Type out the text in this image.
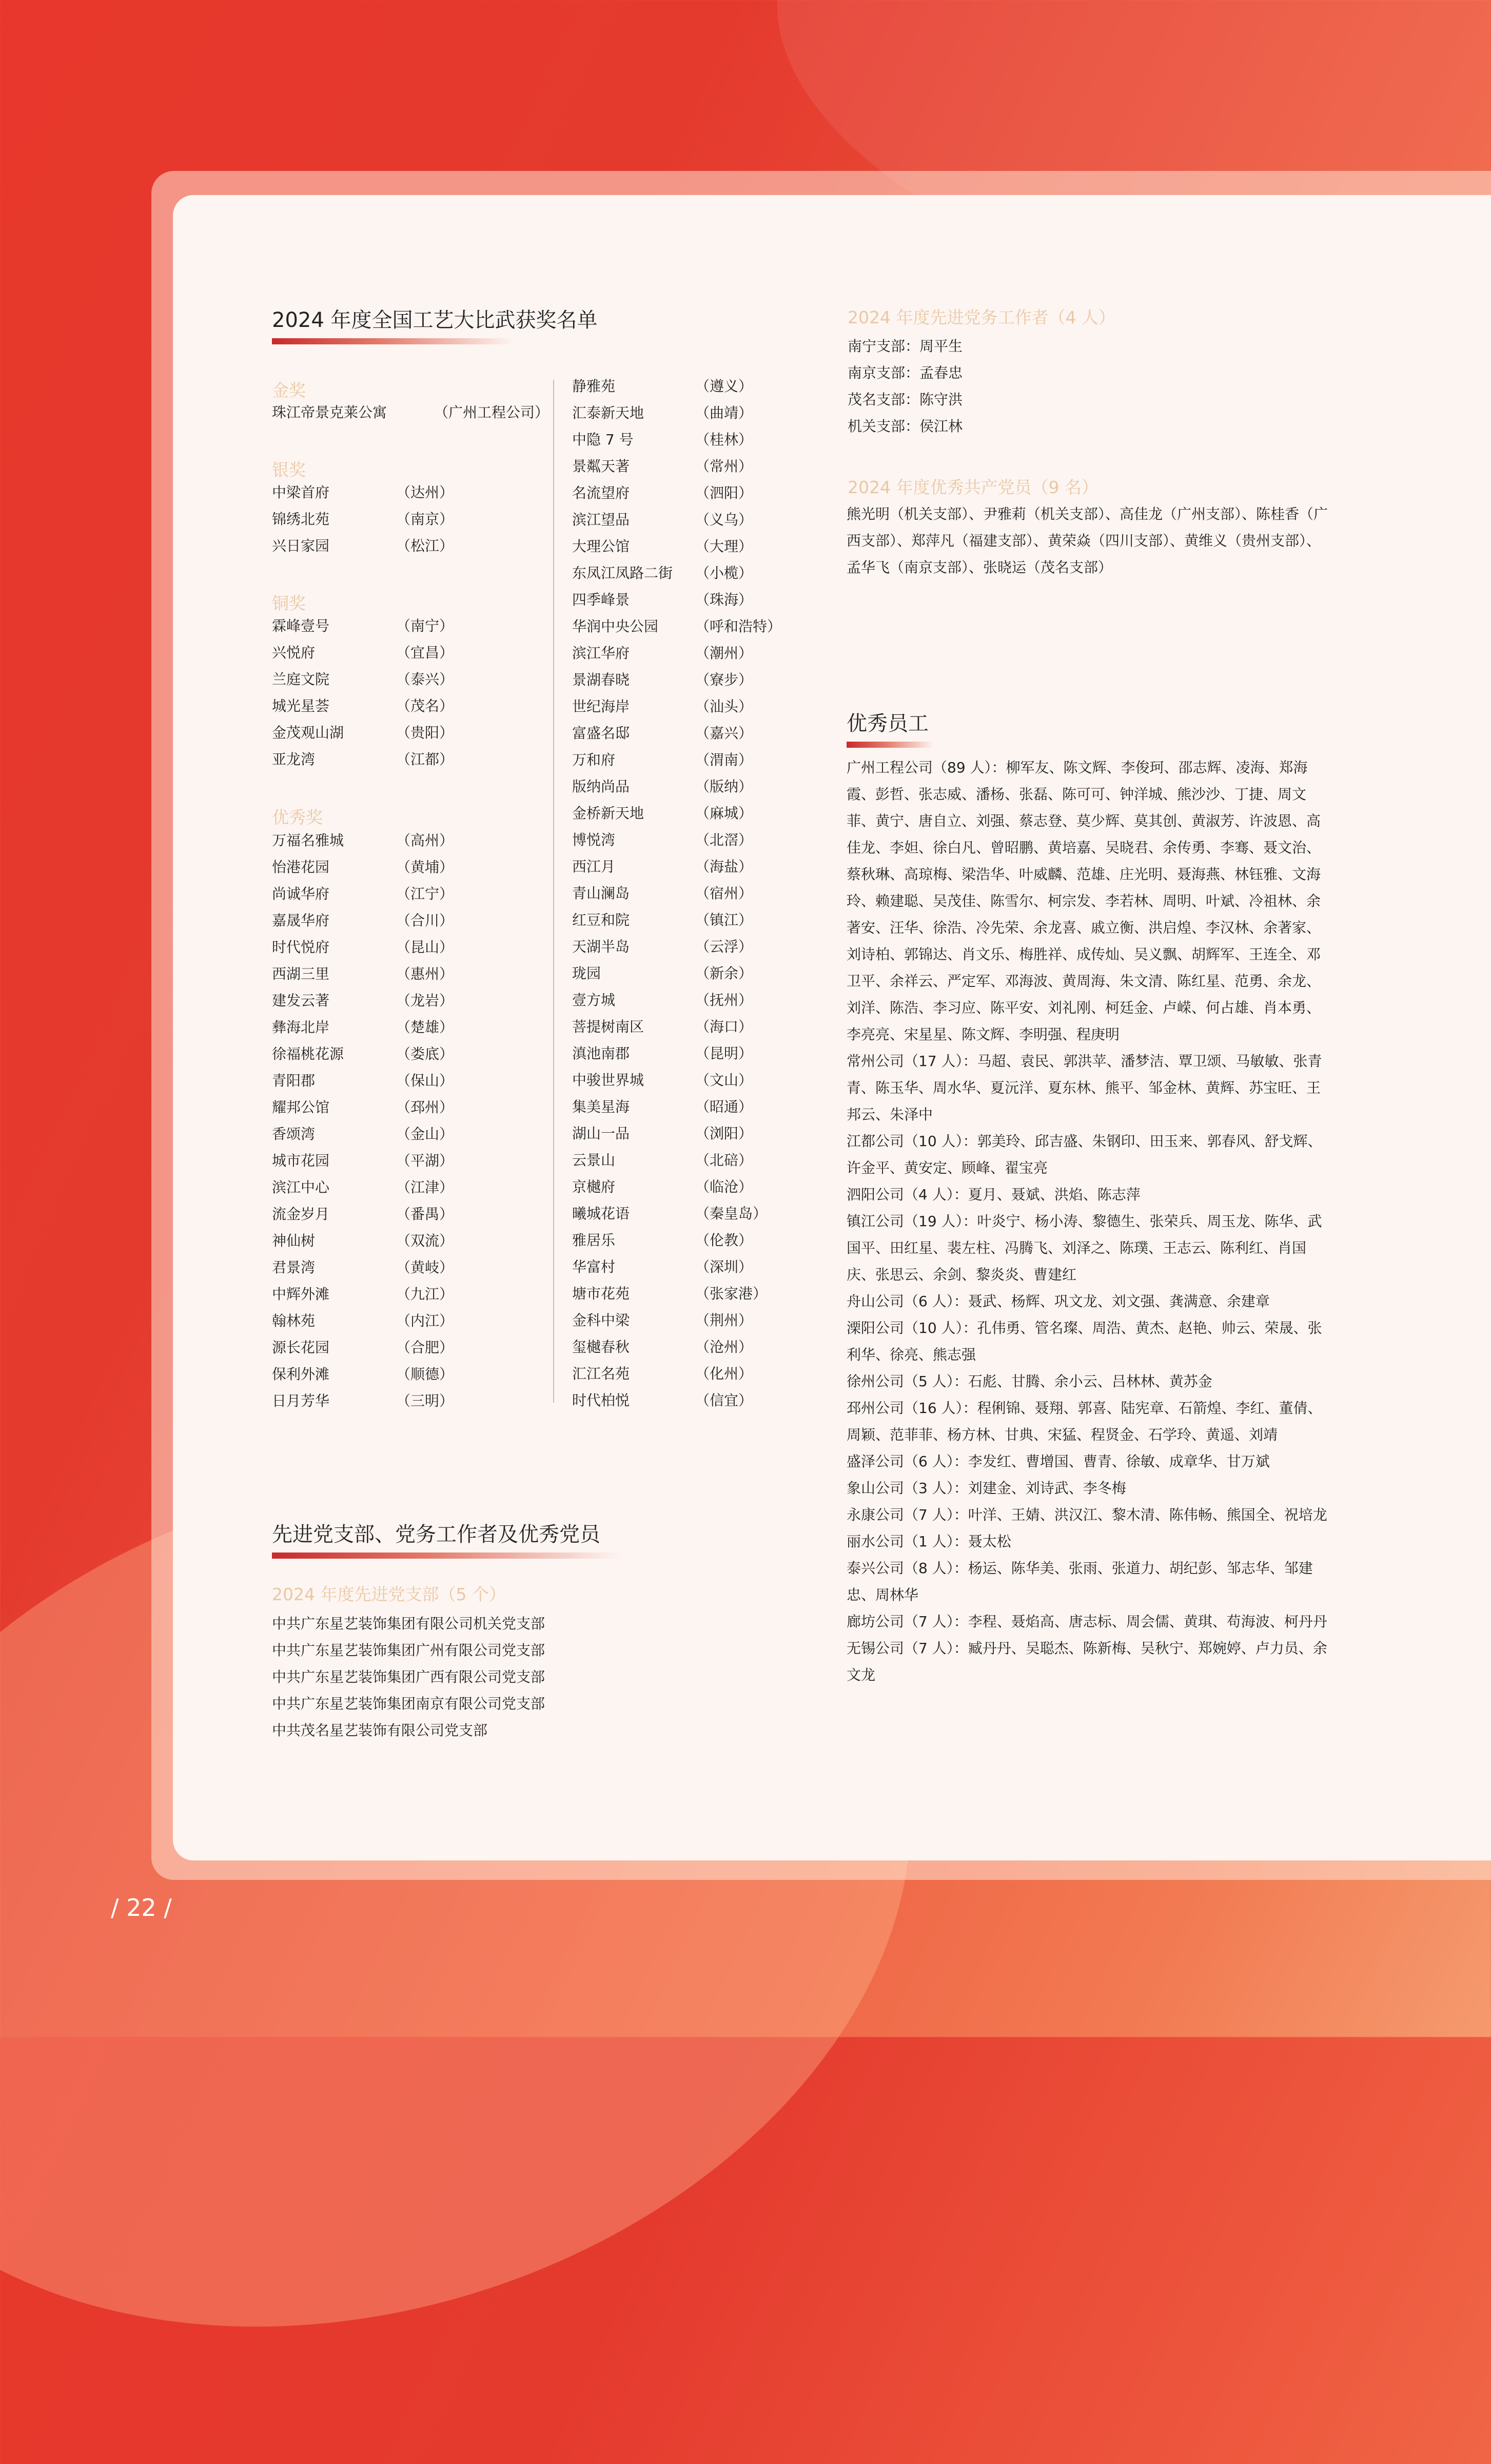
2024 年度全国工艺大比武获奖名单
金奖
珠江帝景克莱公寓	（广州工程公司）
银奖
中梁首府	（达州）
锦绣北苑	（南京）
兴日家园	（松江）
铜奖
霖峰壹号	（南宁）
兴悦府	（宜昌）
兰庭文院	（泰兴）
城光星荟	（茂名）
金茂观山湖	（贵阳）
亚龙湾	（江都）
优秀奖
万福名雅城	（高州）
怡港花园	（黄埔）
尚诚华府	（江宁）
嘉晟华府	（合川）
时代悦府	（昆山）
西湖三里	（惠州）
建发云著	（龙岩）
彝海北岸	（楚雄）
徐福桃花源	（娄底）
青阳郡	（保山）
耀邦公馆	（邳州）
香颂湾	（金山）
城市花园	（平湖）
滨江中心	（江津）
流金岁月	（番禺）
神仙树	（双流）
君景湾	（黄岐）
中辉外滩	（九江）
翰林苑	（内江）
源长花园	（合肥）
保利外滩	（顺德）
日月芳华	（三明）
静雅苑	（遵义）
汇泰新天地	（曲靖）
中隐 7 号	（桂林）
景粼天著	（常州）
名流望府	（泗阳）
滨江望品	（义乌）
大理公馆	（大理）
东凤江凤路二街 （小榄）
四季峰景	（珠海）
华润中央公园	（呼和浩特）
滨江华府	（潮州）
景湖春晓	（寮步）
世纪海岸	（汕头）
富盛名邸	（嘉兴）
万和府	（渭南）
版纳尚品	（版纳）
金桥新天地	（麻城）
博悦湾	（北滘）
西江月	（海盐）
青山澜岛	（宿州）
红豆和院	（镇江）
天湖半岛	（云浮）
珑园	（新余）
壹方城	（抚州）
菩提树南区	（海口）
滇池南郡	（昆明）
中骏世界城	（文山）
集美星海	（昭通）
湖山一品	（浏阳）
云景山	（北碚）
京樾府	（临沧）
曦城花语	（秦皇岛）
雅居乐	（伦教）
华富村	（深圳）
塘市花苑	（张家港）
金科中梁	（荆州）
玺樾春秋	（沧州）
汇江名苑	（化州）
时代柏悦	（信宜）
先进党支部、党务工作者及优秀党员
2024 年度先进党支部（5 个）
中共广东星艺装饰集团有限公司机关党支部
中共广东星艺装饰集团广州有限公司党支部
中共广东星艺装饰集团广西有限公司党支部
中共广东星艺装饰集团南京有限公司党支部
中共茂名星艺装饰有限公司党支部
2024 年度先进党务工作者（4 人）
南宁支部：周平生
南京支部：孟春忠
茂名支部：陈守洪
机关支部：侯江林
2024 年度优秀共产党员（9 名）
熊光明（机关支部）、尹雅莉（机关支部）、高佳龙（广州支部）、陈桂香（广西支部）、郑萍凡（福建支部）、黄荣焱（四川支部）、黄维义（贵州支部）、孟华飞（南京支部）、张晓运（茂名支部）
优秀员工

广州工程公司（89 人）：柳军友、陈文辉、李俊珂、邵志辉、凌海、郑海霞、彭哲、张志威、潘杨、张磊、陈可可、钟洋城、熊沙沙、丁捷、周文菲、黄宁、唐自立、刘强、蔡志登、莫少辉、莫其创、黄淑芳、许波恩、高佳龙、李妲、徐白凡、曾昭鹏、黄培嘉、吴晓君、余传勇、李骞、聂文治、蔡秋琳、高琼梅、梁浩华、叶威麟、范雄、庄光明、聂海燕、林钰雅、文海玲、赖建聪、吴茂佳、陈雪尔、柯宗发、李若林、周明、叶斌、冷祖林、余著安、汪华、徐浩、冷先荣、余龙喜、戚立衡、洪启煌、李汉林、余著家、刘诗柏、郭锦达、肖文乐、梅胜祥、成传灿、吴义飘、胡辉军、王连全、邓卫平、余祥云、严定军、邓海波、黄周海、朱文清、陈红星、范勇、余龙、刘洋、陈浩、李习应、陈平安、刘礼刚、柯廷金、卢嵘、何占雄、肖本勇、李亮亮、宋星星、陈文辉、李明强、程庚明

常州公司（17 人）：马超、袁民、郭洪苹、潘梦洁、覃卫颂、马敏敏、张青青、陈玉华、周水华、夏沅洋、夏东林、熊平、邹金林、黄辉、苏宝旺、王邦云、朱泽中

江都公司（10 人）：郭美玲、邱吉盛、朱钢印、田玉来、郭春风、舒戈辉、许金平、黄安定、顾峰、翟宝亮

泗阳公司（4 人）：夏月、聂斌、洪焰、陈志萍

镇江公司（19 人）：叶炎宁、杨小涛、黎德生、张荣兵、周玉龙、陈华、武国平、田红星、裴左柱、冯腾飞、刘泽之、陈璞、王志云、陈利红、肖国庆、张思云、余剑、黎炎炎、曹建红

舟山公司（6 人）：聂武、杨辉、巩文龙、刘文强、龚满意、余建章

溧阳公司（10 人）：孔伟勇、管名璨、周浩、黄杰、赵艳、帅云、荣晟、张利华、徐亮、熊志强

徐州公司（5 人）：石彪、甘腾、余小云、吕林林、黄苏金

邳州公司（16 人）：程俐锦、聂翔、郭喜、陆宪章、石箭煌、李红、董倩、周颖、范菲菲、杨方林、甘典、宋猛、程贤金、石学玲、黄遥、刘靖

盛泽公司（6 人）：李发红、曹增国、曹青、徐敏、成章华、甘万斌

象山公司（3 人）：刘建金、刘诗武、李冬梅

永康公司（7 人）：叶洋、王婧、洪汉江、黎木清、陈伟畅、熊国全、祝培龙

丽水公司（1 人）：聂太松

泰兴公司（8 人）：杨运、陈华美、张雨、张道力、胡纪彭、邹志华、邹建忠、周林华

廊坊公司（7 人）：李程、聂焰高、唐志标、周会儒、黄琪、苟海波、柯丹丹

无锡公司（7 人）：臧丹丹、吴聪杰、陈新梅、吴秋宁、郑婉婷、卢力员、余文龙

/ 22 /
